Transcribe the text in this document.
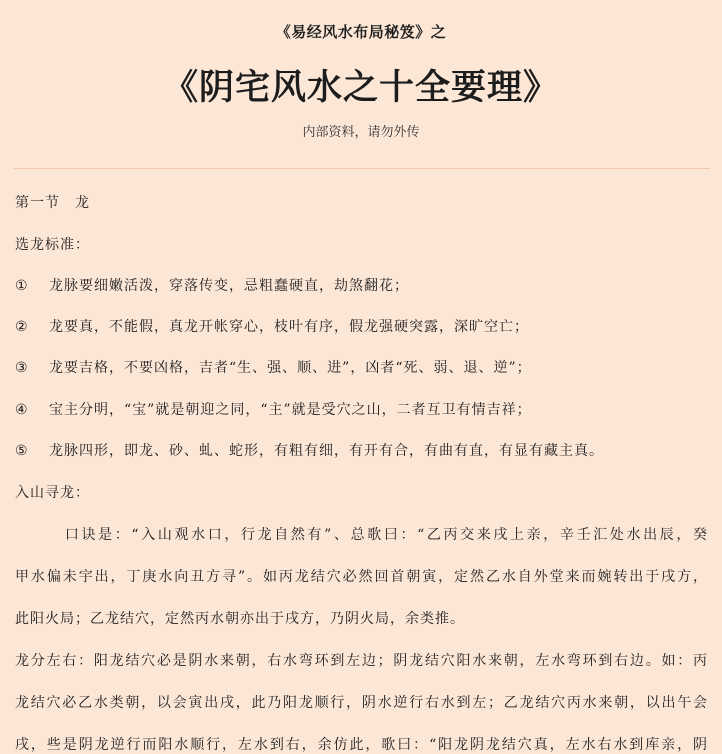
《易经风水布局秘笈》之
《阴宅风水之十全要理》
内部资料，请勿外传
第一节　龙
选龙标准：
① 龙脉要细嫩活泼，穿落传变，忌粗蠢硬直，劫煞翻花；
② 龙要真，不能假，真龙开帐穿心，枝叶有序，假龙强硬突露，深旷空亡；
③ 龙要吉格，不要凶格，吉者“生、强、顺、进”，凶者“死、弱、退、逆”；
④ 宝主分明，“宝”就是朝迎之同，“主”就是受穴之山，二者互卫有情吉祥；
⑤ 龙脉四形，即龙、砂、虬、蛇形，有粗有细，有开有合，有曲有直，有显有藏主真。
入山寻龙：
　　　口诀是：“入山观水口，行龙自然有”、总歌曰：“乙丙交来戌上亲，辛壬汇处水出辰，癸
甲水偏未宇出，丁庚水向丑方寻”。如丙龙结穴必然回首朝寅，定然乙水自外堂来而婉转出于戌方，
此阳火局；乙龙结穴，定然丙水朝亦出于戌方，乃阴火局，余类推。
龙分左右：阳龙结穴必是阴水来朝，右水弯环到左边；阴龙结穴阳水来朝，左水弯环到右边。如：丙
龙结穴必乙水类朝，以会寅出戌，此乃阳龙顺行，阴水逆行右水到左；乙龙结穴丙水来朝，以出午会
戌，些是阴龙逆行而阳水顺行，左水到右，余仿此，歌曰：“阳龙阴龙结穴真，左水右水到库亲，阴
